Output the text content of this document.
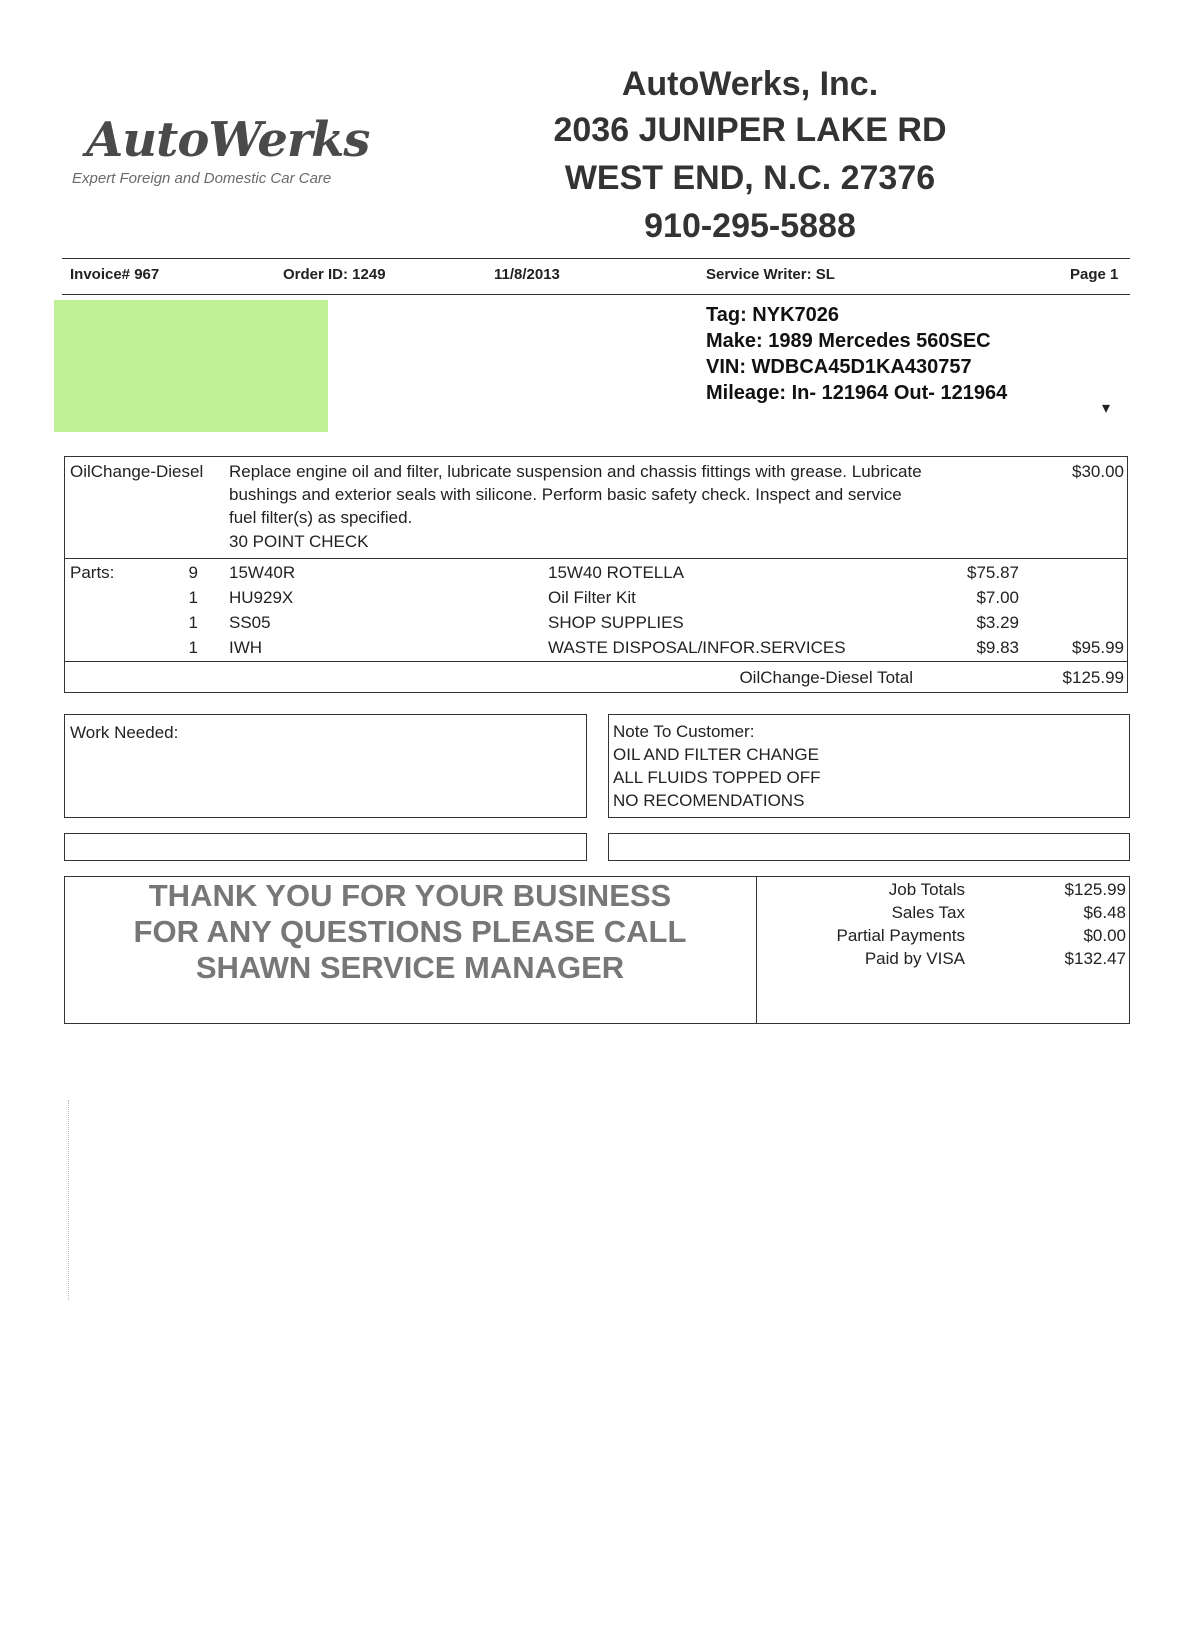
AutoWerks
Expert Foreign and Domestic Car Care
AutoWerks, Inc.
2036 JUNIPER LAKE RD
WEST END, N.C. 27376
910-295-5888
Invoice# 967	Order ID: 1249	11/8/2013	Service Writer: SL	Page 1
Tag: NYK7026
Make: 1989 Mercedes 560SEC
VIN: WDBCA45D1KA430757
Mileage: In- 121964 Out- 121964
OilChange-Diesel Replace engine oil and filter, lubricate suspension and chassis fittings with grease. Lubricate
bushings and exterior seals with silicone. Perform basic safety check. Inspect and service
fuel filter(s) as specified.
30 POINT CHECK
$30.00
Parts:	9 15W40R	15W40 ROTELLA	$75.87
1 HU929X	Oil Filter Kit	$7.00
1 SS05	SHOP SUPPLIES	$3.29
1 IWH	WASTE DISPOSAL/INFOR.SERVICES	$9.83	$95.99
OilChange-Diesel Total	$125.99
Work Needed:	Note To Customer:
OIL AND FILTER CHANGE
ALL FLUIDS TOPPED OFF
NO RECOMENDATIONS
THANK YOU FOR YOUR BUSINESS
FOR ANY QUESTIONS PLEASE CALL
SHAWN SERVICE MANAGER
Job Totals	$125.99
Sales Tax	$6.48
Partial Payments	$0.00
Paid by VISA	$132.47
▾
